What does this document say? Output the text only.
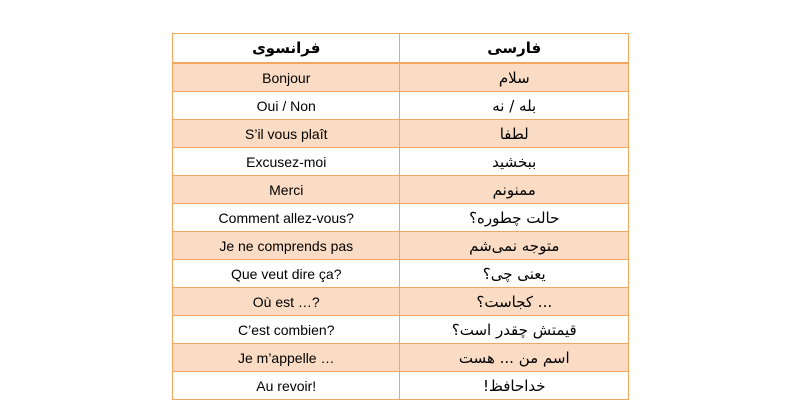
فرانسوی	فارسی
Bonjour	سلام
Oui / Non	بله / نه
S’il vous plaît	لطفا
Excusez-moi	ببخشید
Merci	ممنونم
Comment allez-vous?	حالت چطوره؟
Je ne comprends pas	متوجه نمی‌شم
Que veut dire ça?	یعنی چی؟
Où est …?	... کجاست؟
C’est combien?	قیمتش چقدر است؟
Je m’appelle …	اسم من ... هست
Au revoir!	خداحافظ!
